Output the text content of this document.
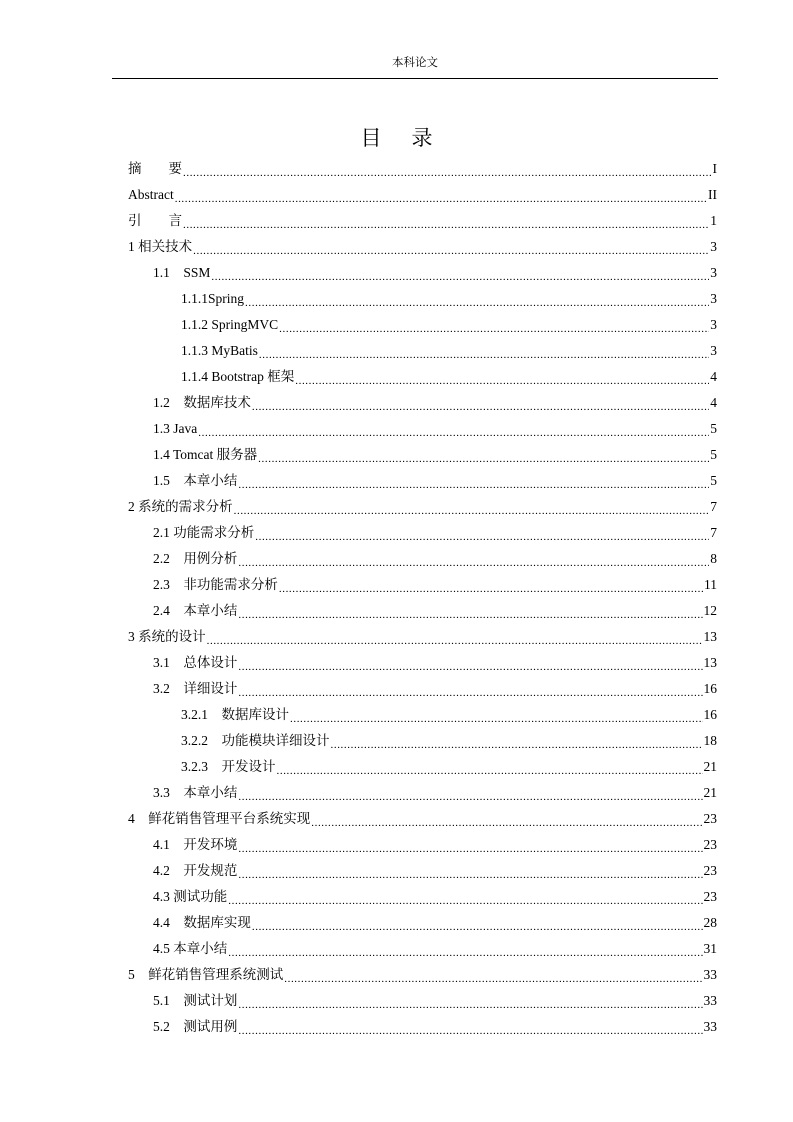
本科论文
目录
摘　　要 .....	I
Abstract .....	II
引　　言 .....	1
1 相关技术 .....	3
1.1　SSM .....	3
1.1.1Spring .....	3
1.1.2 SpringMVC .....	3
1.1.3 MyBatis .....	3
1.1.4 Bootstrap 框架 .....	4
1.2　数据库技术 .....	4
1.3 Java .....	5
1.4 Tomcat 服务器 .....	5
1.5　本章小结 .....	5
2 系统的需求分析 .....	7
2.1 功能需求分析 .....	7
2.2　用例分析 .....	8
2.3　非功能需求分析 .....	11
2.4　本章小结 .....	12
3 系统的设计 .....	13
3.1　总体设计 .....	13
3.2　详细设计 .....	16
3.2.1　数据库设计 .....	16
3.2.2　功能模块详细设计 .....	18
3.2.3　开发设计 .....	21
3.3　本章小结 .....	21
4　鲜花销售管理平台系统实现 .....	23
4.1　开发环境 .....	23
4.2　开发规范 .....	23
4.3 测试功能 .....	23
4.4　数据库实现 .....	28
4.5 本章小结 .....	31
5　鲜花销售管理系统测试 .....	33
5.1　测试计划 .....	33
5.2　测试用例 .....	33
